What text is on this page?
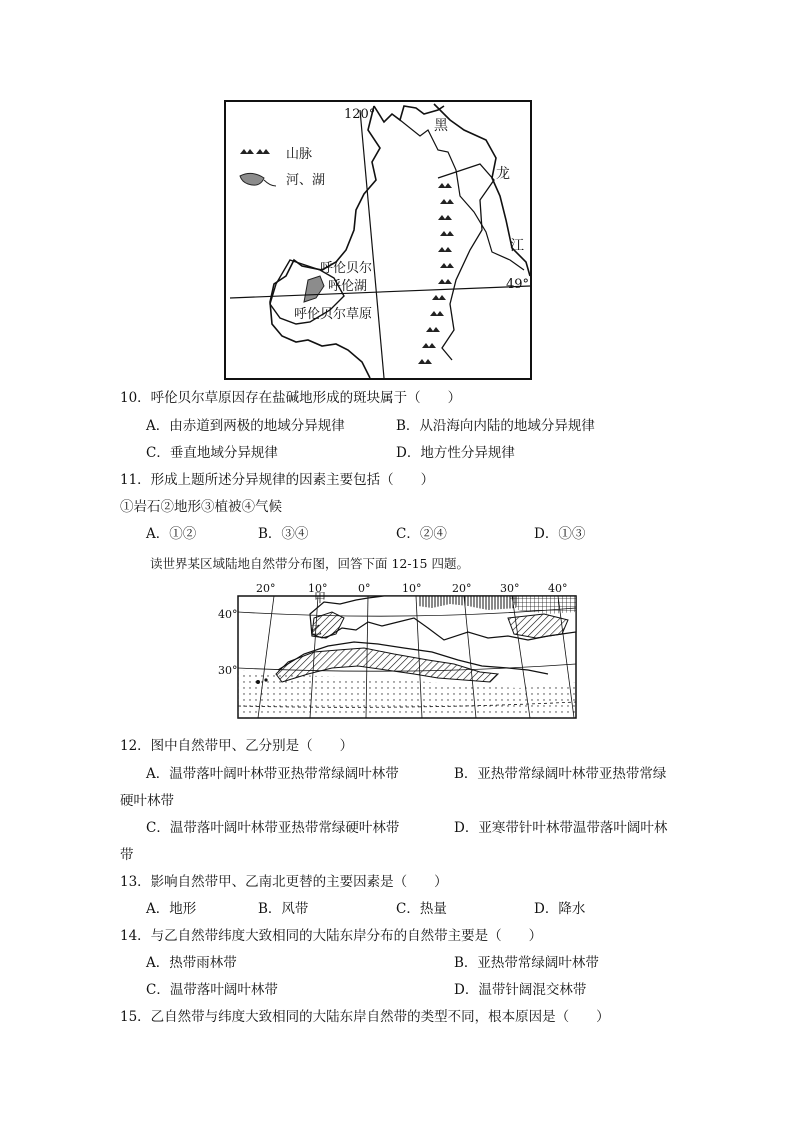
山脉
河、湖
120°
49°
黑
龙
江
呼伦贝尔
呼伦湖
呼伦贝尔草原
10．呼伦贝尔草原因存在盐碱地形成的斑块属于（　　）
A．由赤道到两极的地域分异规律	B．从沿海向内陆的地域分异规律
C．垂直地域分异规律	D．地方性分异规律
11．形成上题所述分异规律的因素主要包括（　　）
①岩石②地形③植被④气候
A．①②	B．③④	C．②④	D．①③
读世界某区域陆地自然带分布图，回答下面 12-15 四题。
20°	10°	0°	10°	20°	30°	40°
40°
30°
甲
乙
12．图中自然带甲、乙分别是（　　）
A．温带落叶阔叶林带亚热带常绿阔叶林带	B．亚热带常绿阔叶林带亚热带常绿
硬叶林带
C．温带落叶阔叶林带亚热带常绿硬叶林带	D．亚寒带针叶林带温带落叶阔叶林
带
13．影响自然带甲、乙南北更替的主要因素是（　　）
A．地形	B．风带	C．热量	D．降水
14．与乙自然带纬度大致相同的大陆东岸分布的自然带主要是（　　）
A．热带雨林带	B．亚热带常绿阔叶林带
C．温带落叶阔叶林带	D．温带针阔混交林带
15．乙自然带与纬度大致相同的大陆东岸自然带的类型不同，根本原因是（　　）
